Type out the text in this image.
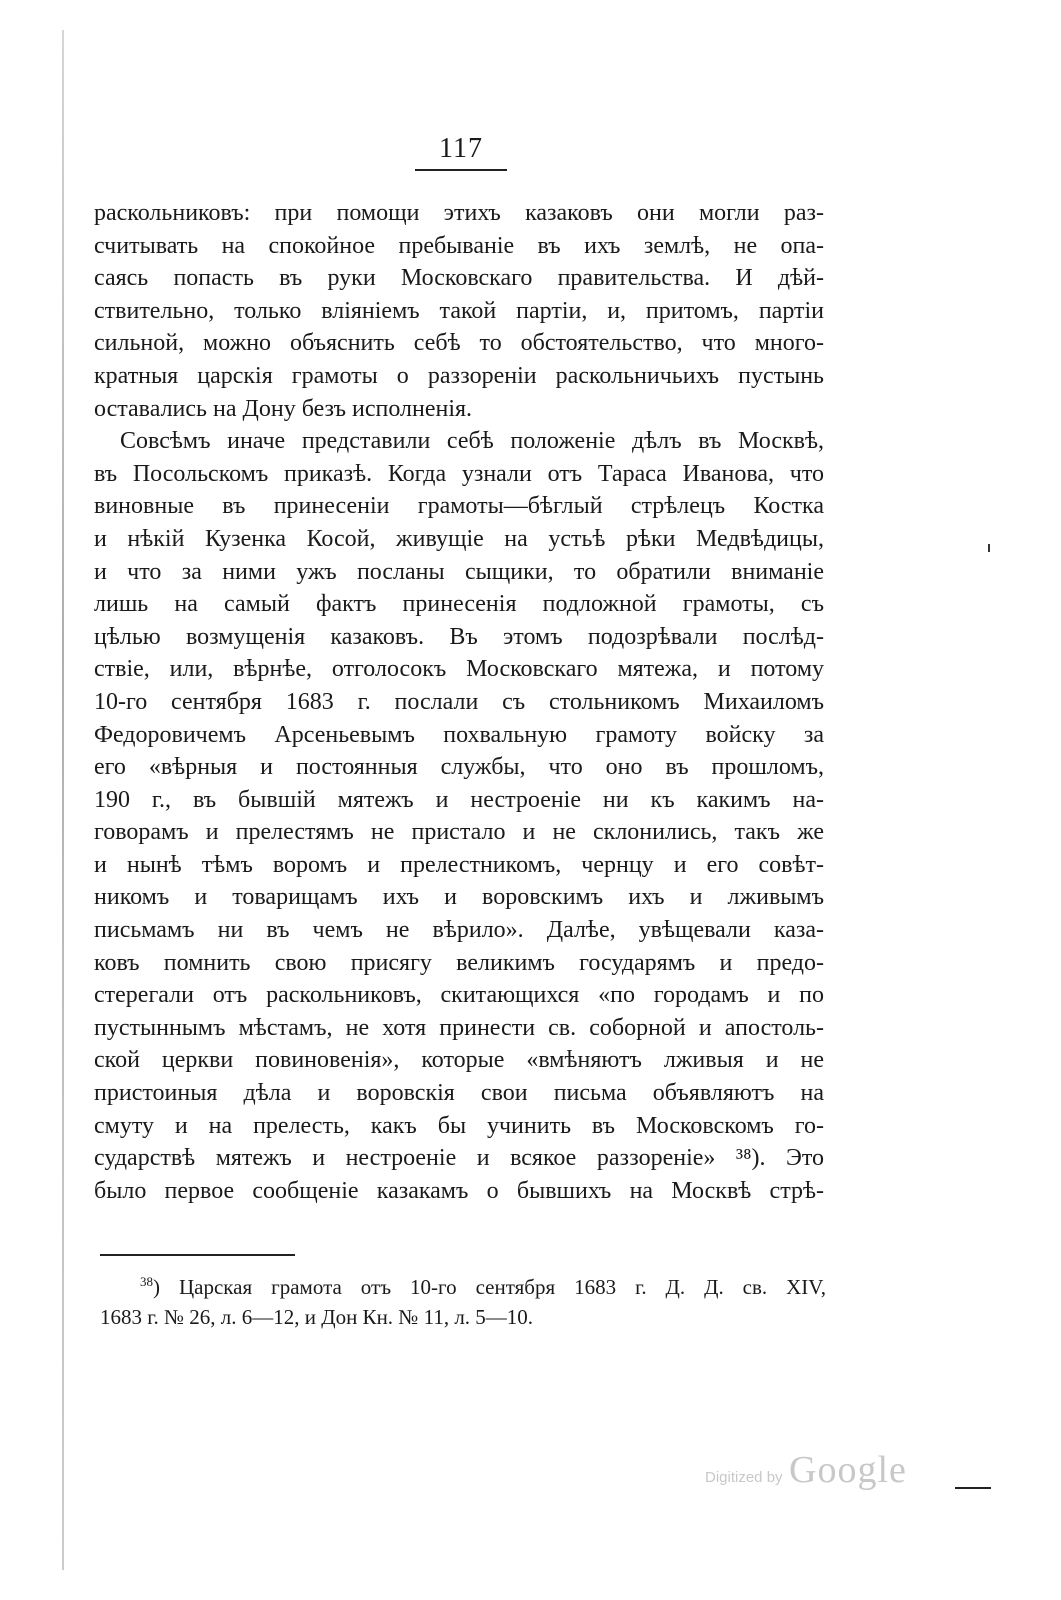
117
раскольниковъ: при помощи этихъ казаковъ они могли раз-
считывать на спокойное пребываніе въ ихъ землѣ, не опа-
саясь попасть въ руки Московскаго правительства. И дѣй-
ствительно, только вліяніемъ такой партіи, и, притомъ, партіи
сильной, можно объяснить себѣ то обстоятельство, что много-
кратныя царскія грамоты о раззореніи раскольничьихъ пустынь
оставались на Дону безъ исполненія.
Совсѣмъ иначе представили себѣ положеніе дѣлъ въ Москвѣ,
въ Посольскомъ приказѣ. Когда узнали отъ Тараса Иванова, что
виновные въ принесеніи грамоты—бѣглый стрѣлецъ Костка
и нѣкій Кузенка Косой, живущіе на устьѣ рѣки Медвѣдицы,
и что за ними ужъ посланы сыщики, то обратили вниманіе
лишь на самый фактъ принесенія подложной грамоты, съ
цѣлью возмущенія казаковъ. Въ этомъ подозрѣвали послѣд-
ствіе, или, вѣрнѣе, отголосокъ Московскаго мятежа, и потому
10-го сентября 1683 г. послали съ стольникомъ Михаиломъ
Федоровичемъ Арсеньевымъ похвальную грамоту войску за
его «вѣрныя и постоянныя службы, что оно въ прошломъ,
190 г., въ бывшій мятежъ и нестроеніе ни къ какимъ на-
говорамъ и прелестямъ не пристало и не склонились, такъ же
и нынѣ тѣмъ воромъ и прелестникомъ, чернцу и его совѣт-
никомъ и товарищамъ ихъ и воровскимъ ихъ и лживымъ
письмамъ ни въ чемъ не вѣрило». Далѣе, увѣщевали каза-
ковъ помнить свою присягу великимъ государямъ и предо-
стерегали отъ раскольниковъ, скитающихся «по городамъ и по
пустыннымъ мѣстамъ, не хотя принести св. соборной и апостоль-
ской церкви повиновенія», которые «вмѣняютъ лживыя и не
пристоиныя дѣла и воровскія свои письма объявляютъ на
смуту и на прелесть, какъ бы учинить въ Московскомъ го-
сударствѣ мятежъ и нестроеніе и всякое раззореніе» ³⁸). Это
было первое сообщеніе казакамъ о бывшихъ на Москвѣ стрѣ-
$^{38}$) Царская грамота отъ 10-го сентября 1683 г. Д. Д. св. XIV,
1683 г. № 26, л. 6—12, и Дон Кн. № 11, л. 5—10.
Digitized by Google
